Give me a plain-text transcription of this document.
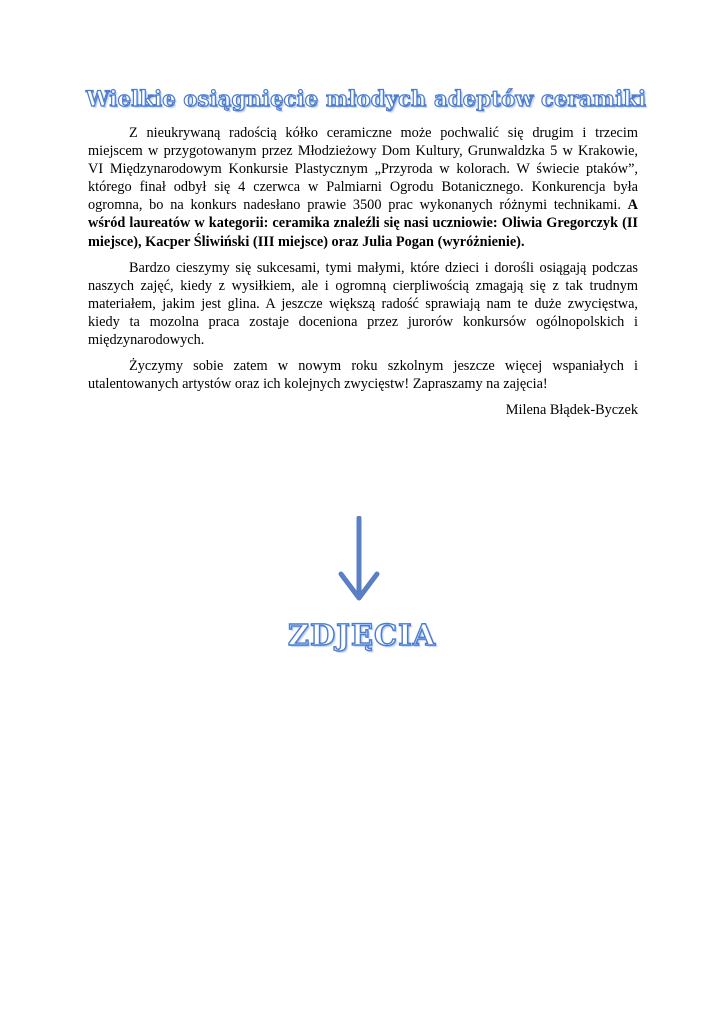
Wielkie osiągnięcie młodych adeptów ceramiki

Z nieukrywaną radością kółko ceramiczne może pochwalić się drugim i trzecim miejscem w przygotowanym przez Młodzieżowy Dom Kultury, Grunwaldzka 5 w Krakowie, VI Międzynarodowym Konkursie Plastycznym „Przyroda w kolorach. W świecie ptaków”, którego finał odbył się 4 czerwca w Palmiarni Ogrodu Botanicznego. Konkurencja była ogromna, bo na konkurs nadesłano prawie 3500 prac wykonanych różnymi technikami. A wśród laureatów w kategorii: ceramika znaleźli się nasi uczniowie: Oliwia Gregorczyk (II miejsce), Kacper Śliwiński (III miejsce) oraz Julia Pogan (wyróżnienie).

Bardzo cieszymy się sukcesami, tymi małymi, które dzieci i dorośli osiągają podczas naszych zajęć, kiedy z wysiłkiem, ale i ogromną cierpliwością zmagają się z tak trudnym materiałem, jakim jest glina. A jeszcze większą radość sprawiają nam te duże zwycięstwa, kiedy ta mozolna praca zostaje doceniona przez jurorów konkursów ogólnopolskich i międzynarodowych.

Życzymy sobie zatem w nowym roku szkolnym jeszcze więcej wspaniałych i utalentowanych artystów oraz ich kolejnych zwycięstw! Zapraszamy na zajęcia!

Milena Błądek-Byczek

ZDJĘCIA
